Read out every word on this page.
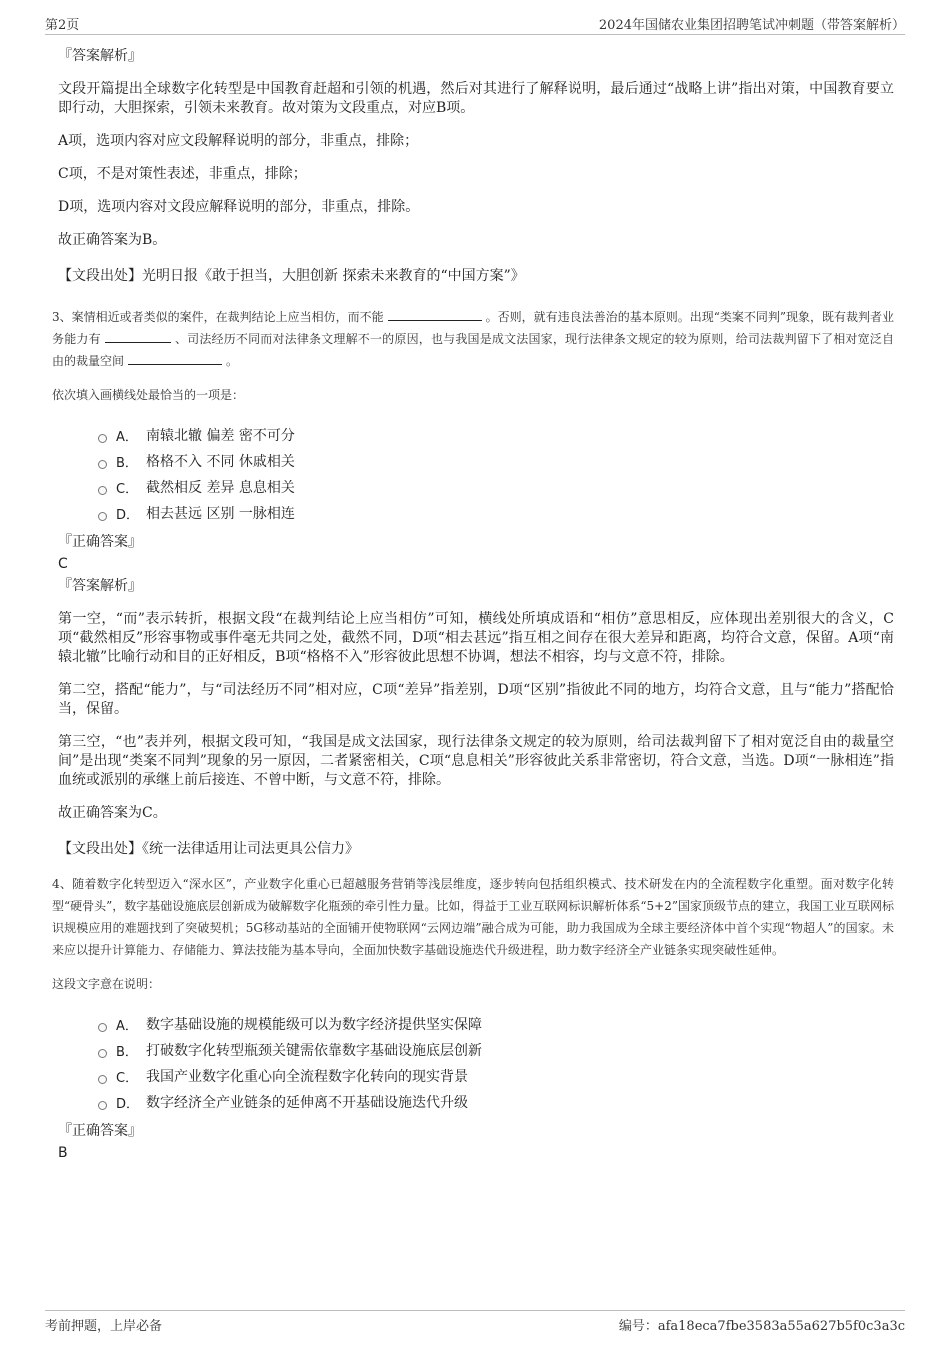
第2页	2024年国储农业集团招聘笔试冲刺题（带答案解析）
『答案解析』
文段开篇提出全球数字化转型是中国教育赶超和引领的机遇，然后对其进行了解释说明，最后通过“战略上讲”指出对策，中国教育要立即行动，大胆探索，引领未来教育。故对策为文段重点，对应B项。
A项，选项内容对应文段解释说明的部分，非重点，排除；
C项，不是对策性表述，非重点，排除；
D项，选项内容对文段应解释说明的部分，非重点，排除。
故正确答案为B。
【文段出处】光明日报《敢于担当，大胆创新 探索未来教育的“中国方案”》
3、案情相近或者类似的案件，在裁判结论上应当相仿，而不能	。否则，就有违良法善治的基本原则。出现“类案不同判”现象，既有裁判者业务能力有	、司法经历不同而对法律条文理解不一的原因，也与我国是成文法国家，现行法律条文规定的较为原则，给司法裁判留下了相对宽泛自由的裁量空间	。
依次填入画横线处最恰当的一项是：
A． 南辕北辙 偏差 密不可分
B． 格格不入 不同 休戚相关
C． 截然相反 差异 息息相关
D． 相去甚远 区别 一脉相连
『正确答案』
C
『答案解析』
第一空，“而”表示转折，根据文段“在裁判结论上应当相仿”可知，横线处所填成语和“相仿”意思相反，应体现出差别很大的含义，C项“截然相反”形容事物或事件毫无共同之处，截然不同，D项“相去甚远”指互相之间存在很大差异和距离，均符合文意，保留。A项“南辕北辙”比喻行动和目的正好相反，B项“格格不入”形容彼此思想不协调，想法不相容，均与文意不符，排除。
第二空，搭配“能力”，与“司法经历不同”相对应，C项“差异”指差别，D项“区别”指彼此不同的地方，均符合文意，且与“能力”搭配恰当，保留。
第三空，“也”表并列，根据文段可知，“我国是成文法国家，现行法律条文规定的较为原则，给司法裁判留下了相对宽泛自由的裁量空间”是出现“类案不同判”现象的另一原因，二者紧密相关，C项“息息相关”形容彼此关系非常密切，符合文意，当选。D项“一脉相连”指血统或派别的承继上前后接连、不曾中断，与文意不符，排除。
故正确答案为C。
【文段出处】《统一法律适用让司法更具公信力》
4、随着数字化转型迈入“深水区”，产业数字化重心已超越服务营销等浅层维度，逐步转向包括组织模式、技术研发在内的全流程数字化重塑。面对数字化转型“硬骨头”，数字基础设施底层创新成为破解数字化瓶颈的牵引性力量。比如，得益于工业互联网标识解析体系“5+2”国家顶级节点的建立，我国工业互联网标识规模应用的难题找到了突破契机；5G移动基站的全面铺开使物联网“云网边端”融合成为可能，助力我国成为全球主要经济体中首个实现“物超人”的国家。未来应以提升计算能力、存储能力、算法技能为基本导向，全面加快数字基础设施迭代升级进程，助力数字经济全产业链条实现突破性延伸。
这段文字意在说明：
A． 数字基础设施的规模能级可以为数字经济提供坚实保障
B． 打破数字化转型瓶颈关键需依靠数字基础设施底层创新
C． 我国产业数字化重心向全流程数字化转向的现实背景
D． 数字经济全产业链条的延伸离不开基础设施迭代升级
『正确答案』
B
考前押题，上岸必备	编号：afa18eca7fbe3583a55a627b5f0c3a3c
